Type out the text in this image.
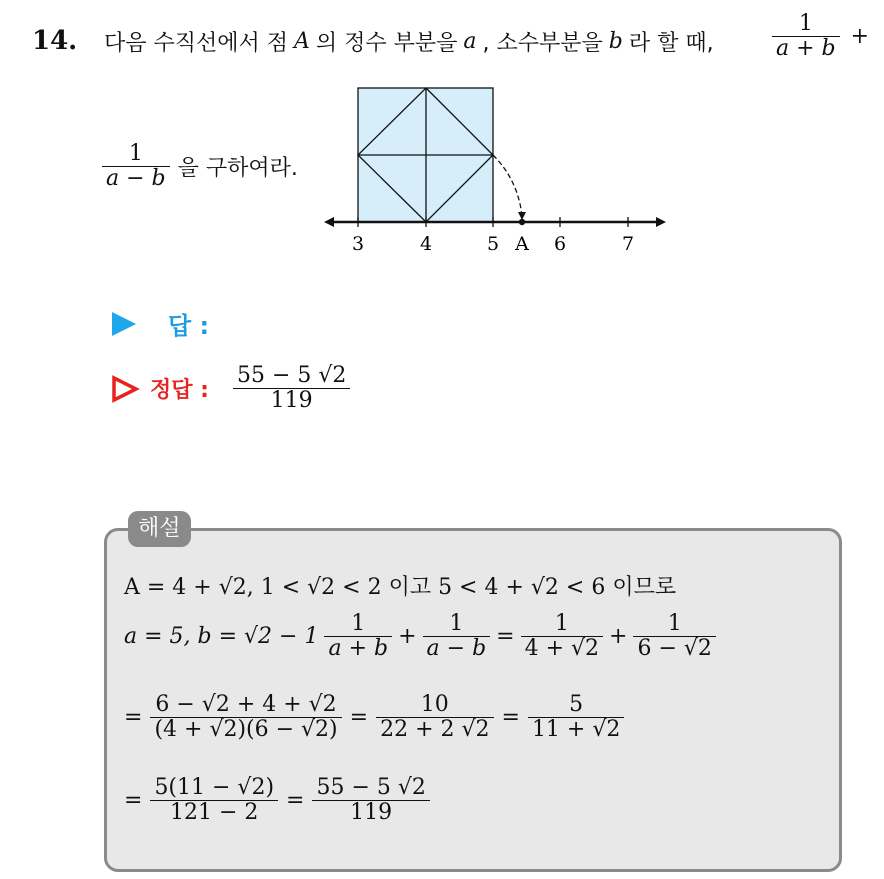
14. 다음 수직선에서 점 A 의 정수 부분을 a , 소수부분을 b 라 할 때,	$\frac{1}{a + b}$ +
$\frac{1}{a - b}$ 을 구하여라.
3	4	5 A 6	7
답 :
정답 : $\frac{55 - 5 √2}{119}$
해설
A = 4 + √2, 1 < √2 < 2 이고 5 < 4 + √2 < 6 이므로
a = 5, $b = √2 - 1 \frac{1}{a + b} + \frac{1}{a - b} = \frac{1}{4 + √2} + \frac{1}{6 - √2}$
= $\frac{6 - √2 + 4 + √2}{(4 + √2)(6 - √2)} = \frac{10}{22 + 2 √2} = \frac{5}{11 + √2}$
= $\frac{5(11 - √2)}{121 - 2} = \frac{55 - 5 √2}{119}$
